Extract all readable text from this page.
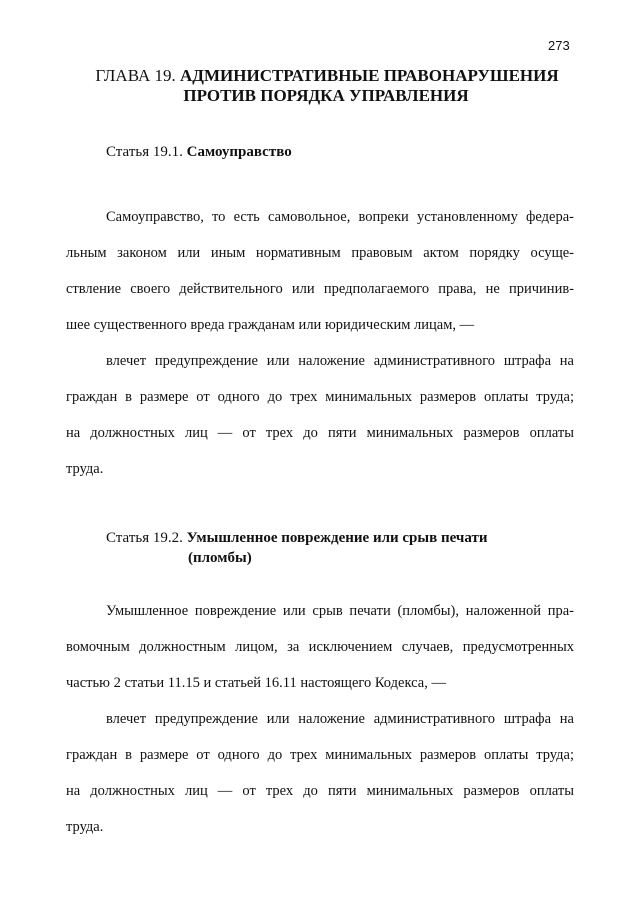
273
ГЛАВА 19. АДМИНИСТРАТИВНЫЕ ПРАВОНАРУШЕНИЯ
ПРОТИВ ПОРЯДКА УПРАВЛЕНИЯ
Статья 19.1. Самоуправство
Самоуправство, то есть самовольное, вопреки установленному федера-
льным законом или иным нормативным правовым актом порядку осуще-
ствление своего действительного или предполагаемого права, не причинив-
шее существенного вреда гражданам или юридическим лицам, —
влечет предупреждение или наложение административного штрафа на
граждан в размере от одного до трех минимальных размеров оплаты труда;
на должностных лиц — от трех до пяти минимальных размеров оплаты
труда.
Статья 19.2. Умышленное повреждение или срыв печати
(пломбы)
Умышленное повреждение или срыв печати (пломбы), наложенной пра-
вомочным должностным лицом, за исключением случаев, предусмотренных
частью 2 статьи 11.15 и статьей 16.11 настоящего Кодекса, —
влечет предупреждение или наложение административного штрафа на
граждан в размере от одного до трех минимальных размеров оплаты труда;
на должностных лиц — от трех до пяти минимальных размеров оплаты
труда.
